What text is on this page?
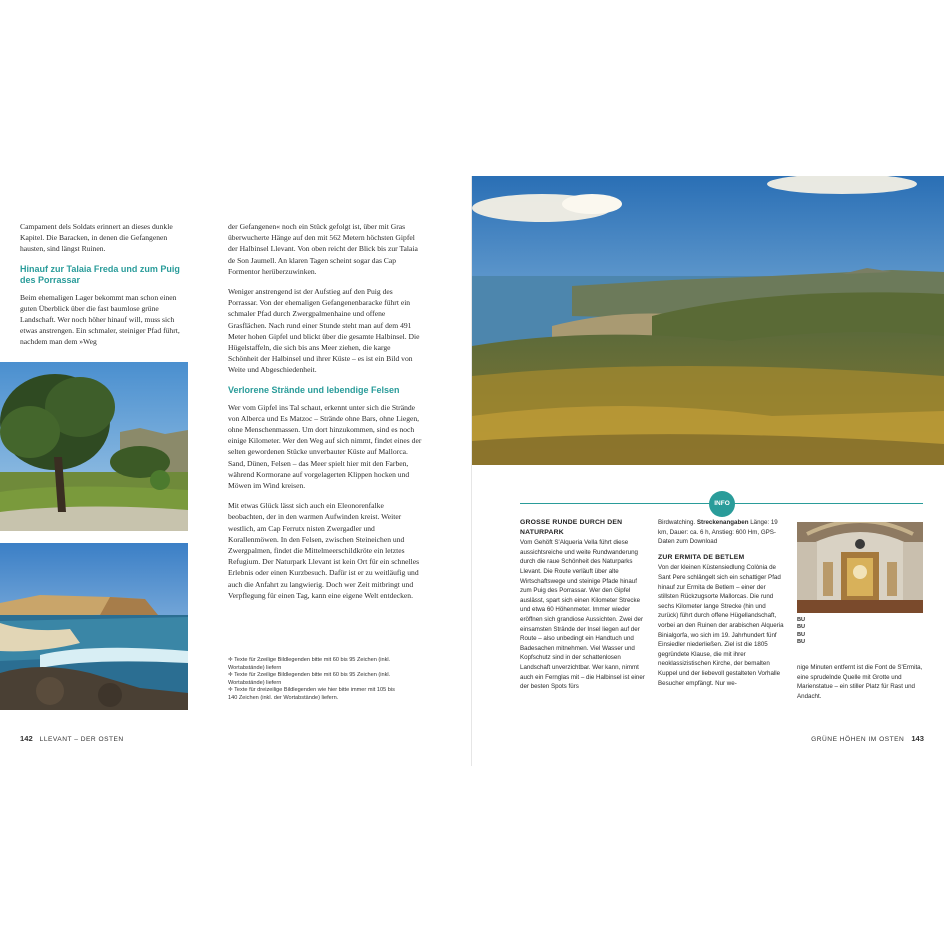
Campament dels Soldats erinnert an dieses dunkle Kapitel. Die Baracken, in denen die Gefangenen hausten, sind längst Ruinen.

Hinauf zur Talaia Freda und zum Puig des Porrassar

Beim ehemaligen Lager bekommt man schon einen guten Überblick über die fast baumlose grüne Landschaft. Wer noch höher hinauf will, muss sich etwas anstrengen. Ein schmaler, steiniger Pfad führt, nachdem man dem »Weg

der Gefangenen« noch ein Stück gefolgt ist, über mit Gras überwucherte Hänge auf den mit 562 Metern höchsten Gipfel der Halbinsel Llevant. Von oben reicht der Blick bis zur Talaia de Son Jaumell. An klaren Tagen scheint sogar das Cap Formentor herüberzuwinken.

Weniger anstrengend ist der Aufstieg auf den Puig des Porrassar. Von der ehemaligen Gefangenenbaracke führt ein schmaler Pfad durch Zwergpalmenhaine und offene Grasflächen. Nach rund einer Stunde steht man auf dem 491 Meter hohen Gipfel und blickt über die gesamte Halbinsel. Die Hügelstaffeln, die sich bis ans Meer ziehen, die karge Schönheit der Halbinsel und ihrer Küste – es ist ein Bild von Weite und Abgeschiedenheit.

Verlorene Strände und lebendige Felsen

Wer vom Gipfel ins Tal schaut, erkennt unter sich die Strände von Alberca und Es Matzoc – Strände ohne Bars, ohne Liegen, ohne Menschenmassen. Um dort hinzukommen, sind es noch einige Kilometer. Wer den Weg auf sich nimmt, findet eines der selten gewordenen Stücke unverbauter Küste auf Mallorca. Sand, Dünen, Felsen – das Meer spielt hier mit den Farben, während Kormorane auf vorgelagerten Klippen hocken und Möwen im Wind kreisen.

Mit etwas Glück lässt sich auch ein Eleonorenfalke beobachten, der in den warmen Aufwinden kreist. Weiter westlich, am Cap Ferrutx nisten Zwergadler und Korallenmöwen. In den Felsen, zwischen Steineichen und Zwergpalmen, findet die Mittelmeerschildkröte ein letztes Refugium. Der Naturpark Llevant ist kein Ort für ein schnelles Erlebnis oder einen Kurzbesuch. Dafür ist er zu weitläufig und auch die Anfahrt zu langwierig. Doch wer Zeit mitbringt und Verpflegung für einen Tag, kann eine eigene Welt entdecken.

✛ Texte für 2zeilige Bildlegenden bitte mit 60 bis 95 Zeichen (inkl. Wortabstände) liefern
✛ Texte für 2zeilige Bildlegenden bitte mit 60 bis 95 Zeichen (inkl. Wortabstände) liefern
✛ Texte für dreizeilige Bildlegenden wie hier bitte immer mit 105 bis 140 Zeichen (inkl. der Wortabstände) liefern.
142 LLEVANT – DER OSTEN
INFO
GROSSE RUNDE DURCH DEN NATURPARK

Vom Gehöft S'Alqueria Vella führt diese aussichtsreiche und weite Rundwanderung durch die raue Schönheit des Naturparks Llevant. Die Route verläuft über alte Wirtschaftswege und steinige Pfade hinauf zum Puig des Porrassar. Wer den Gipfel auslässt, spart sich einen Kilometer Strecke und etwa 60 Höhenmeter. Immer wieder eröffnen sich grandiose Aussichten. Zwei der einsamsten Strände der Insel liegen auf der Route – also unbedingt ein Handtuch und Badesachen mitnehmen. Viel Wasser und Kopfschutz sind in der schattenlosen Landschaft unverzichtbar. Wer kann, nimmt auch ein Fernglas mit – die Halbinsel ist einer der besten Spots fürs

Birdwatching. Streckenangaben Länge: 19 km, Dauer: ca. 6 h, Anstieg: 600 Hm, GPS-Daten zum Download

ZUR ERMITA DE BETLEM

Von der kleinen Küstensiedlung Colònia de Sant Pere schlängelt sich ein schattiger Pfad hinauf zur Ermita de Betlem – einer der stillsten Rückzugsorte Mallorcas. Die rund sechs Kilometer lange Strecke (hin und zurück) führt durch offene Hügellandschaft, vorbei an den Ruinen der arabischen Alqueria Binialgorfa, wo sich im 19. Jahrhundert fünf Einsiedler niederließen. Ziel ist die 1805 gegründete Klause, die mit ihrer neoklassizistischen Kirche, der bemalten Kuppel und der liebevoll gestalteten Vorhalle Besucher empfängt. Nur we-

BU
BU
BU
BU

nige Minuten entfernt ist die Font de S'Ermita, eine sprudelnde Quelle mit Grotte und Marienstatue – ein stiller Platz für Rast und Andacht.

GRÜNE HÖHEN IM OSTEN 143
